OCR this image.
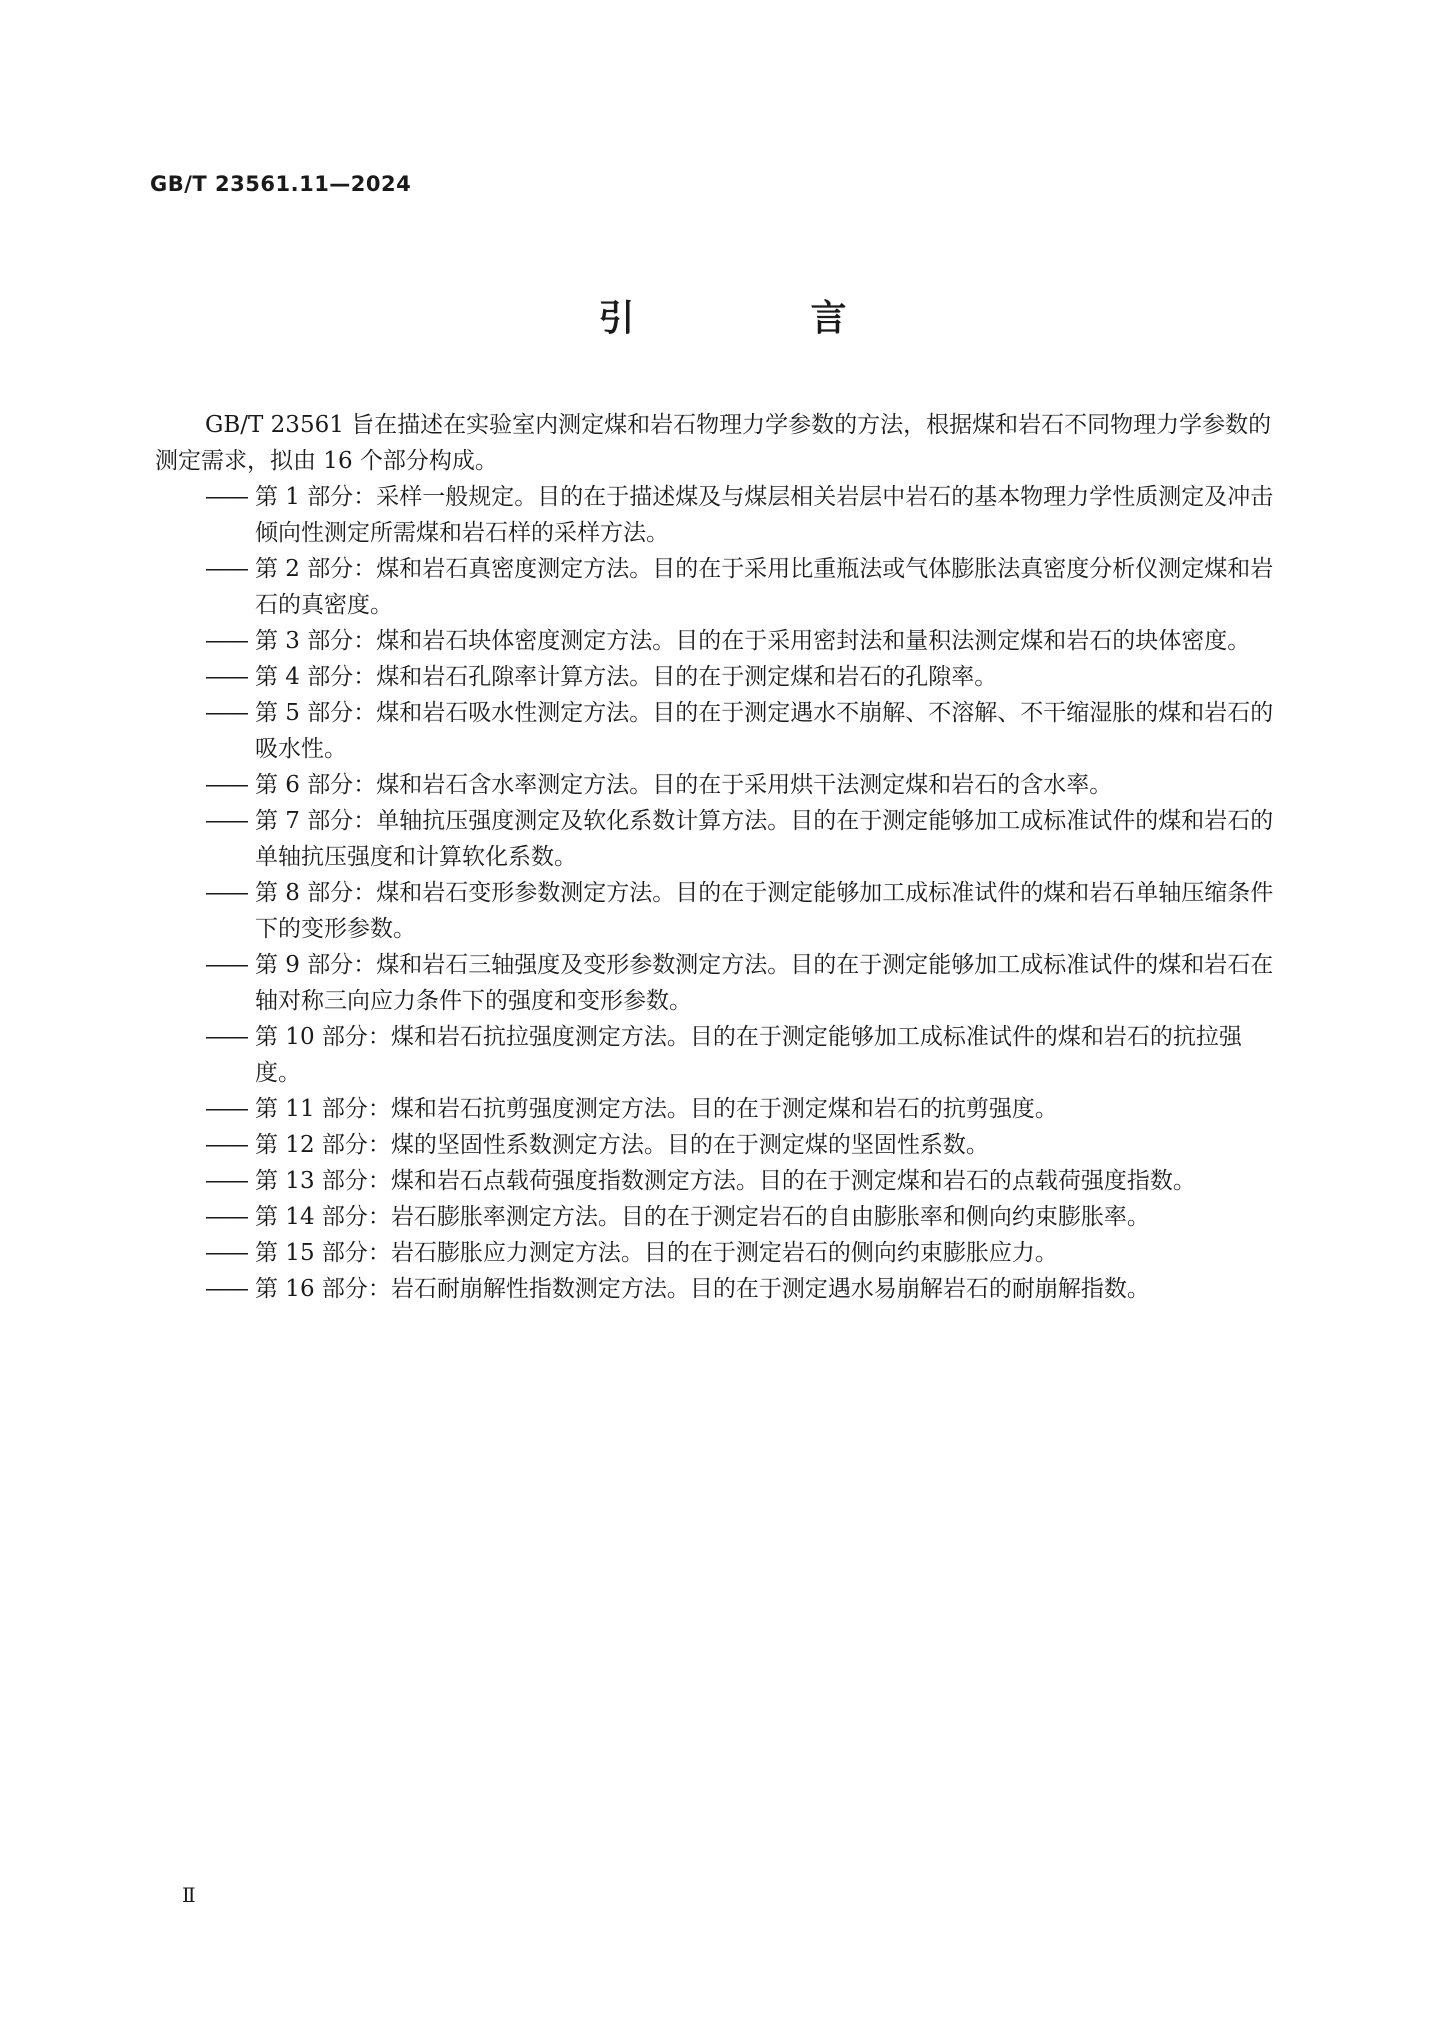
GB/T 23561.11—2024
引　言
GB/T 23561 旨在描述在实验室内测定煤和岩石物理力学参数的方法，根据煤和岩石不同物理力学参数的测定需求，拟由 16 个部分构成。
—— 第 1 部分：采样一般规定。目的在于描述煤及与煤层相关岩层中岩石的基本物理力学性质测定及冲击倾向性测定所需煤和岩石样的采样方法。
—— 第 2 部分：煤和岩石真密度测定方法。目的在于采用比重瓶法或气体膨胀法真密度分析仪测定煤和岩石的真密度。
—— 第 3 部分：煤和岩石块体密度测定方法。目的在于采用密封法和量积法测定煤和岩石的块体密度。
—— 第 4 部分：煤和岩石孔隙率计算方法。目的在于测定煤和岩石的孔隙率。
—— 第 5 部分：煤和岩石吸水性测定方法。目的在于测定遇水不崩解、不溶解、不干缩湿胀的煤和岩石的吸水性。
—— 第 6 部分：煤和岩石含水率测定方法。目的在于采用烘干法测定煤和岩石的含水率。
—— 第 7 部分：单轴抗压强度测定及软化系数计算方法。目的在于测定能够加工成标准试件的煤和岩石的单轴抗压强度和计算软化系数。
—— 第 8 部分：煤和岩石变形参数测定方法。目的在于测定能够加工成标准试件的煤和岩石单轴压缩条件下的变形参数。
—— 第 9 部分：煤和岩石三轴强度及变形参数测定方法。目的在于测定能够加工成标准试件的煤和岩石在轴对称三向应力条件下的强度和变形参数。
—— 第 10 部分：煤和岩石抗拉强度测定方法。目的在于测定能够加工成标准试件的煤和岩石的抗拉强度。
—— 第 11 部分：煤和岩石抗剪强度测定方法。目的在于测定煤和岩石的抗剪强度。
—— 第 12 部分：煤的坚固性系数测定方法。目的在于测定煤的坚固性系数。
—— 第 13 部分：煤和岩石点载荷强度指数测定方法。目的在于测定煤和岩石的点载荷强度指数。
—— 第 14 部分：岩石膨胀率测定方法。目的在于测定岩石的自由膨胀率和侧向约束膨胀率。
—— 第 15 部分：岩石膨胀应力测定方法。目的在于测定岩石的侧向约束膨胀应力。
—— 第 16 部分：岩石耐崩解性指数测定方法。目的在于测定遇水易崩解岩石的耐崩解指数。
Ⅱ
